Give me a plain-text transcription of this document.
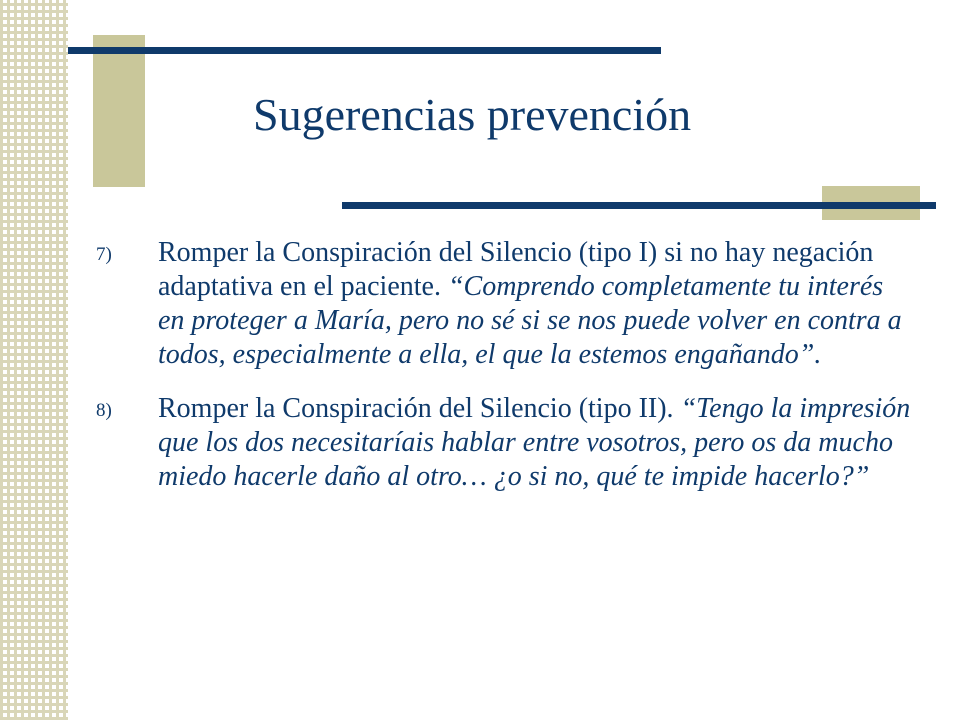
Sugerencias prevención
7) Romper la Conspiración del Silencio (tipo I) si no hay negación adaptativa en el paciente. “Comprendo completamente tu interés en proteger a María, pero no sé si se nos puede volver en contra a todos, especialmente a ella, el que la estemos engañando”.
8) Romper la Conspiración del Silencio (tipo II). “Tengo la impresión que los dos necesitaríais hablar entre vosotros, pero os da mucho miedo hacerle daño al otro… ¿o si no, qué te impide hacerlo?”
